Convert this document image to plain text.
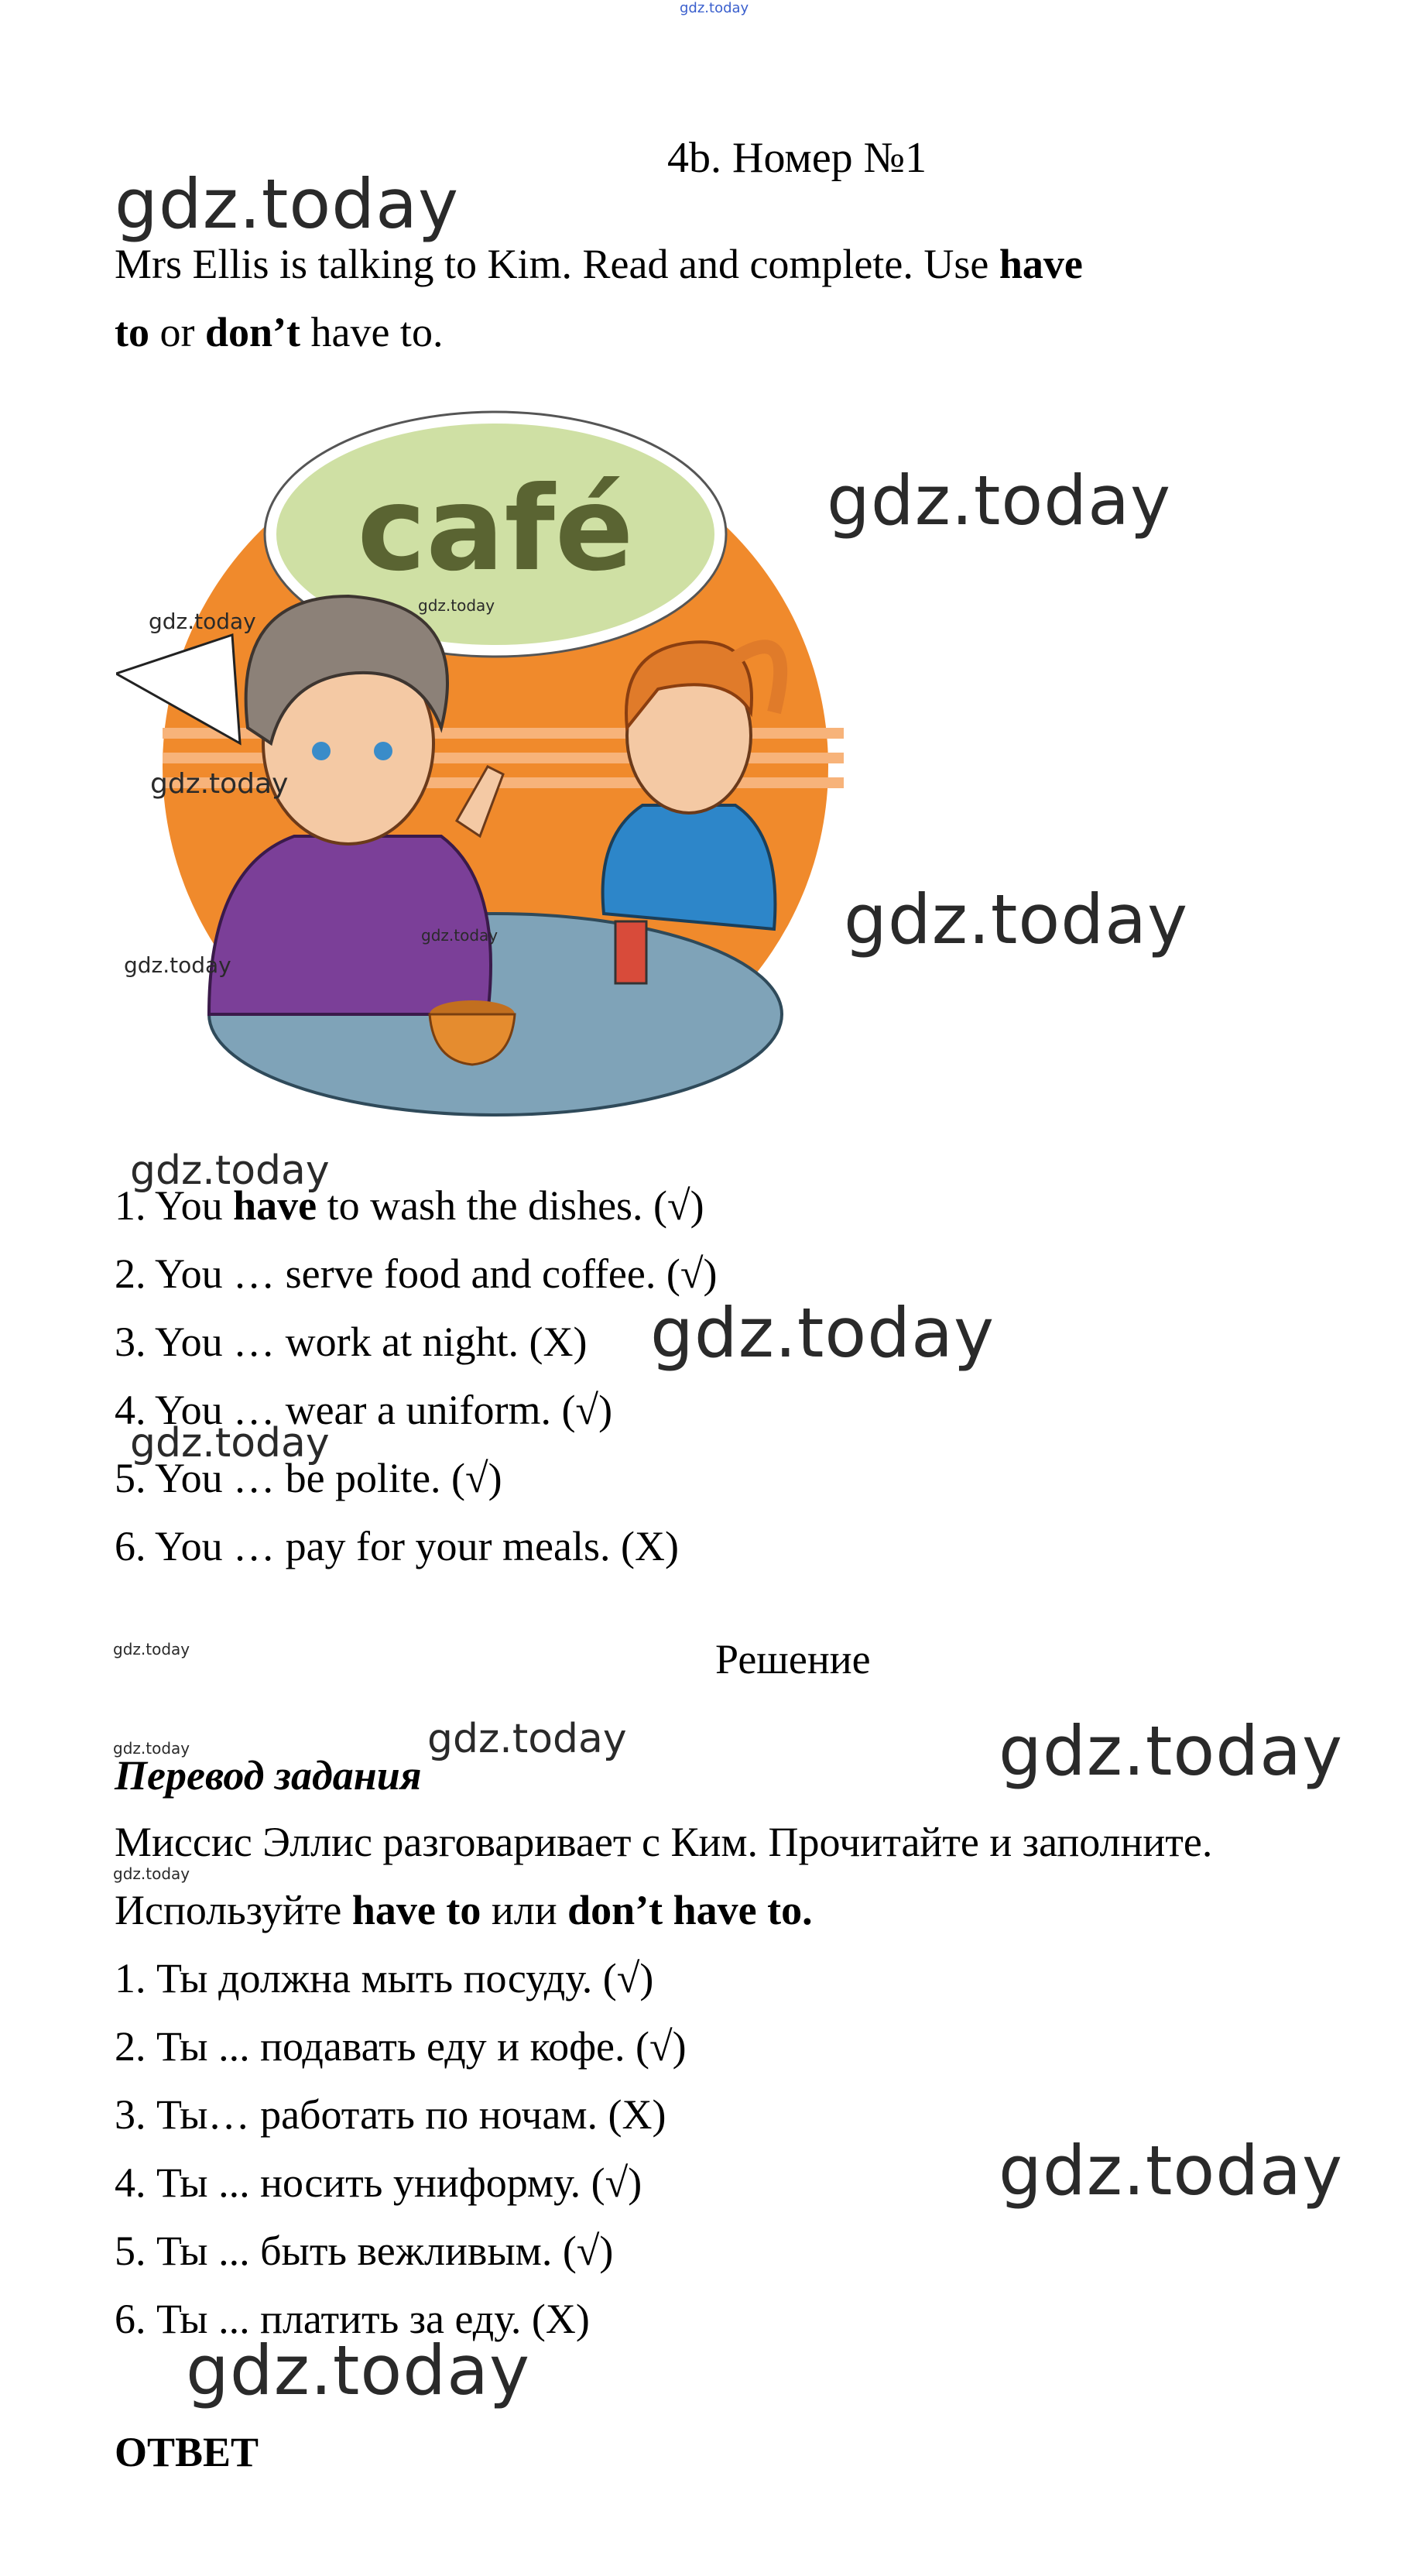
gdz.today
4b. Номер №1
gdz.today
Mrs Ellis is talking to Kim. Read and complete. Use have
to or don’t have to.
café	gdz.today
gdz.today
gdz.today
gdz.today
gdz.today
gdz.today
gdz.today
gdz.today
1. You have to wash the dishes. (√)
2. You … serve food and coffee. (√)
3. You … work at night. (X) gdz.today
4. You … wear a uniform. (√)
gdz.today
5. You … be polite. (√)
6. You … pay for your meals. (X)
gdz.today	Решение
gdz.today	gdz.today	gdz.today
Перевод задания
Миссис Эллис разговаривает с Ким. Прочитайте и заполните.
gdz.today
Используйте have to или don’t have to.
1. Ты должна мыть посуду. (√)
2. Ты ... подавать еду и кофе. (√)
3. Ты… работать по ночам. (X)
4. Ты ... носить униформу. (√)	gdz.today
5. Ты ... быть вежливым. (√)
6. Ты ... платить за еду. (X)
gdz.today
ОТВЕТ
